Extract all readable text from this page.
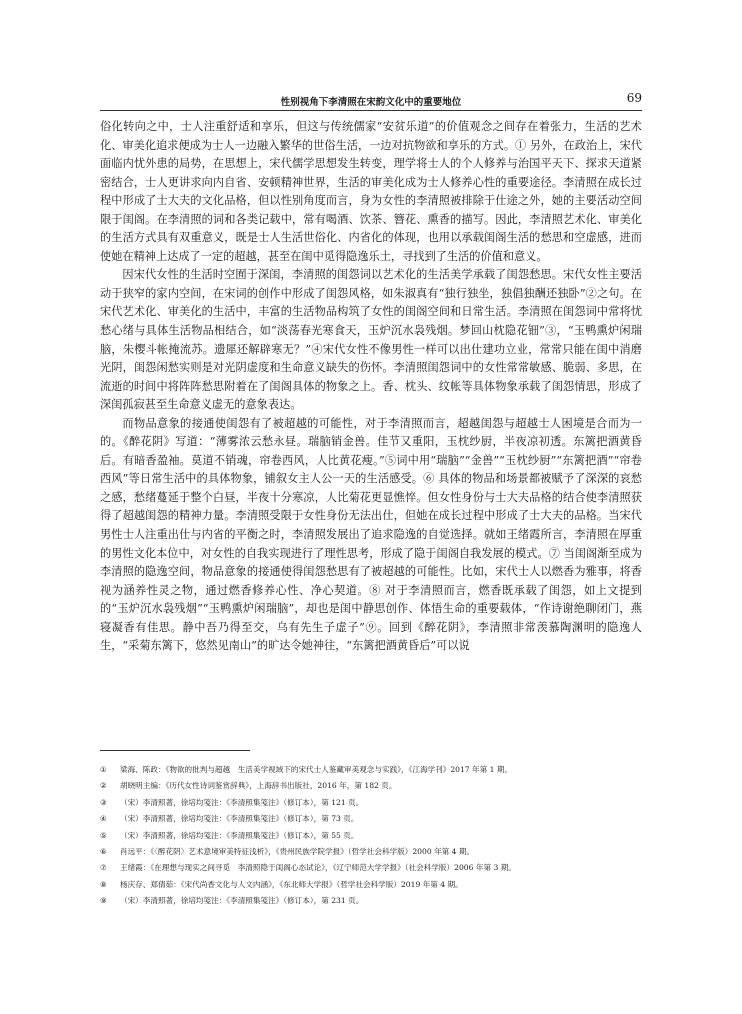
性别视角下李清照在宋韵文化中的重要地位	69

俗化转向之中，士人注重舒适和享乐，但这与传统儒家“安贫乐道”的价值观念之间存在着张力，生活的艺术化、审美化追求便成为士人一边融入繁华的世俗生活，一边对抗物欲和享乐的方式。① 另外，在政治上，宋代面临内忧外患的局势，在思想上，宋代儒学思想发生转变，理学将士人的个人修养与治国平天下、探求天道紧密结合，士人更讲求向内自省、安顿精神世界，生活的审美化成为士人修养心性的重要途径。李清照在成长过程中形成了士大夫的文化品格，但以性别角度而言，身为女性的李清照被排除于仕途之外，她的主要活动空间限于闺阁。在李清照的词和各类记载中，常有喝酒、饮茶、簪花、熏香的描写。因此，李清照艺术化、审美化的生活方式具有双重意义，既是士人生活世俗化、内省化的体现，也用以承载闺阁生活的愁思和空虚感，进而使她在精神上达成了一定的超越，甚至在闺中觅得隐逸乐土，寻找到了生活的价值和意义。

因宋代女性的生活时空囿于深闺，李清照的闺怨词以艺术化的生活美学承载了闺怨愁思。宋代女性主要活动于狭窄的家内空间，在宋词的创作中形成了闺怨风格，如朱淑真有“独行独坐，独倡独酬还独卧”②之句。在宋代艺术化、审美化的生活中，丰富的生活物品构筑了女性的闺阁空间和日常生活。李清照在闺怨词中常将忧愁心绪与具体生活物品相结合，如“淡荡春光寒食天，玉炉沉水袅残烟。梦回山枕隐花钿”③，“玉鸭熏炉闲瑞脑，朱樱斗帐掩流苏。遗犀还解辟寒无？”④宋代女性不像男性一样可以出仕建功立业，常常只能在闺中消磨光阴，闺怨闲愁实则是对光阴虚度和生命意义缺失的伤怀。李清照闺怨词中的女性常常敏感、脆弱、多思，在流逝的时间中将阵阵愁思附着在了闺阁具体的物象之上。香、枕头、纹帐等具体物象承载了闺怨情思，形成了深闺孤寂甚至生命意义虚无的意象表达。

而物品意象的接通使闺怨有了被超越的可能性，对于李清照而言，超越闺怨与超越士人困境是合而为一的。《醉花阴》写道：“薄雾浓云愁永昼。瑞脑销金兽。佳节又重阳，玉枕纱厨，半夜凉初透。东篱把酒黄昏后。有暗香盈袖。莫道不销魂，帘卷西风，人比黄花瘦。”⑤词中用“瑞脑”“金兽”“玉枕纱厨”“东篱把酒”“帘卷西风”等日常生活中的具体物象，铺叙女主人公一天的生活感受。⑥ 具体的物品和场景都被赋予了深深的哀愁之感，愁绪蔓延于整个白昼，半夜十分寒凉，人比菊花更显憔悴。但女性身份与士大夫品格的结合使李清照获得了超越闺怨的精神力量。李清照受限于女性身份无法出仕，但她在成长过程中形成了士大夫的品格。当宋代男性士人注重出仕与内省的平衡之时，李清照发展出了追求隐逸的自觉选择。就如王绪霞所言，李清照在厚重的男性文化本位中，对女性的自我实现进行了理性思考，形成了隐于闺阁自我发展的模式。⑦ 当闺阁渐至成为李清照的隐逸空间，物品意象的接通使得闺怨愁思有了被超越的可能性。比如，宋代士人以燃香为雅事，将香视为涵养性灵之物，通过燃香修养心性、净心契道。⑧ 对于李清照而言，燃香既承载了闺怨，如上文提到的“玉炉沉水袅残烟”“玉鸭熏炉闲瑞脑”，却也是闺中静思创作、体悟生命的重要载体，“作诗谢绝聊闭门，燕寝凝香有佳思。静中吾乃得至交，乌有先生子虚子”⑨。回到《醉花阴》，李清照非常羡慕陶渊明的隐逸人生，“采菊东篱下，悠然见南山”的旷达令她神往，“东篱把酒黄昏后”可以说

① 梁海、陈政：《物欲的批判与超越　生活美学视域下的宋代士人鉴藏审美观念与实践》，《江海学刊》2017 年第 1 期。
② 胡晓明主编：《历代女性诗词鉴赏辞典》，上海辞书出版社，2016 年，第 182 页。
③ （宋）李清照著，徐培均笺注：《李清照集笺注》（修订本），第 121 页。
④ （宋）李清照著，徐培均笺注：《李清照集笺注》（修订本），第 73 页。
⑤ （宋）李清照著，徐培均笺注：《李清照集笺注》（修订本），第 55 页。
⑥ 肖远平：《〈醉花阴〉艺术意境审美特征浅析》，《贵州民族学院学报》（哲学社会科学版）2000 年第 4 期。
⑦ 王绪霞：《在理想与现实之间寻觅　李清照隐于闺阁心态试论》，《辽宁师范大学学报》（社会科学版）2006 年第 3 期。
⑧ 杨庆存、郑倩茹：《宋代尚香文化与人文内涵》，《东北师大学报》（哲学社会科学版）2019 年第 4 期。
⑨ （宋）李清照著，徐培均笺注：《李清照集笺注》（修订本），第 231 页。
